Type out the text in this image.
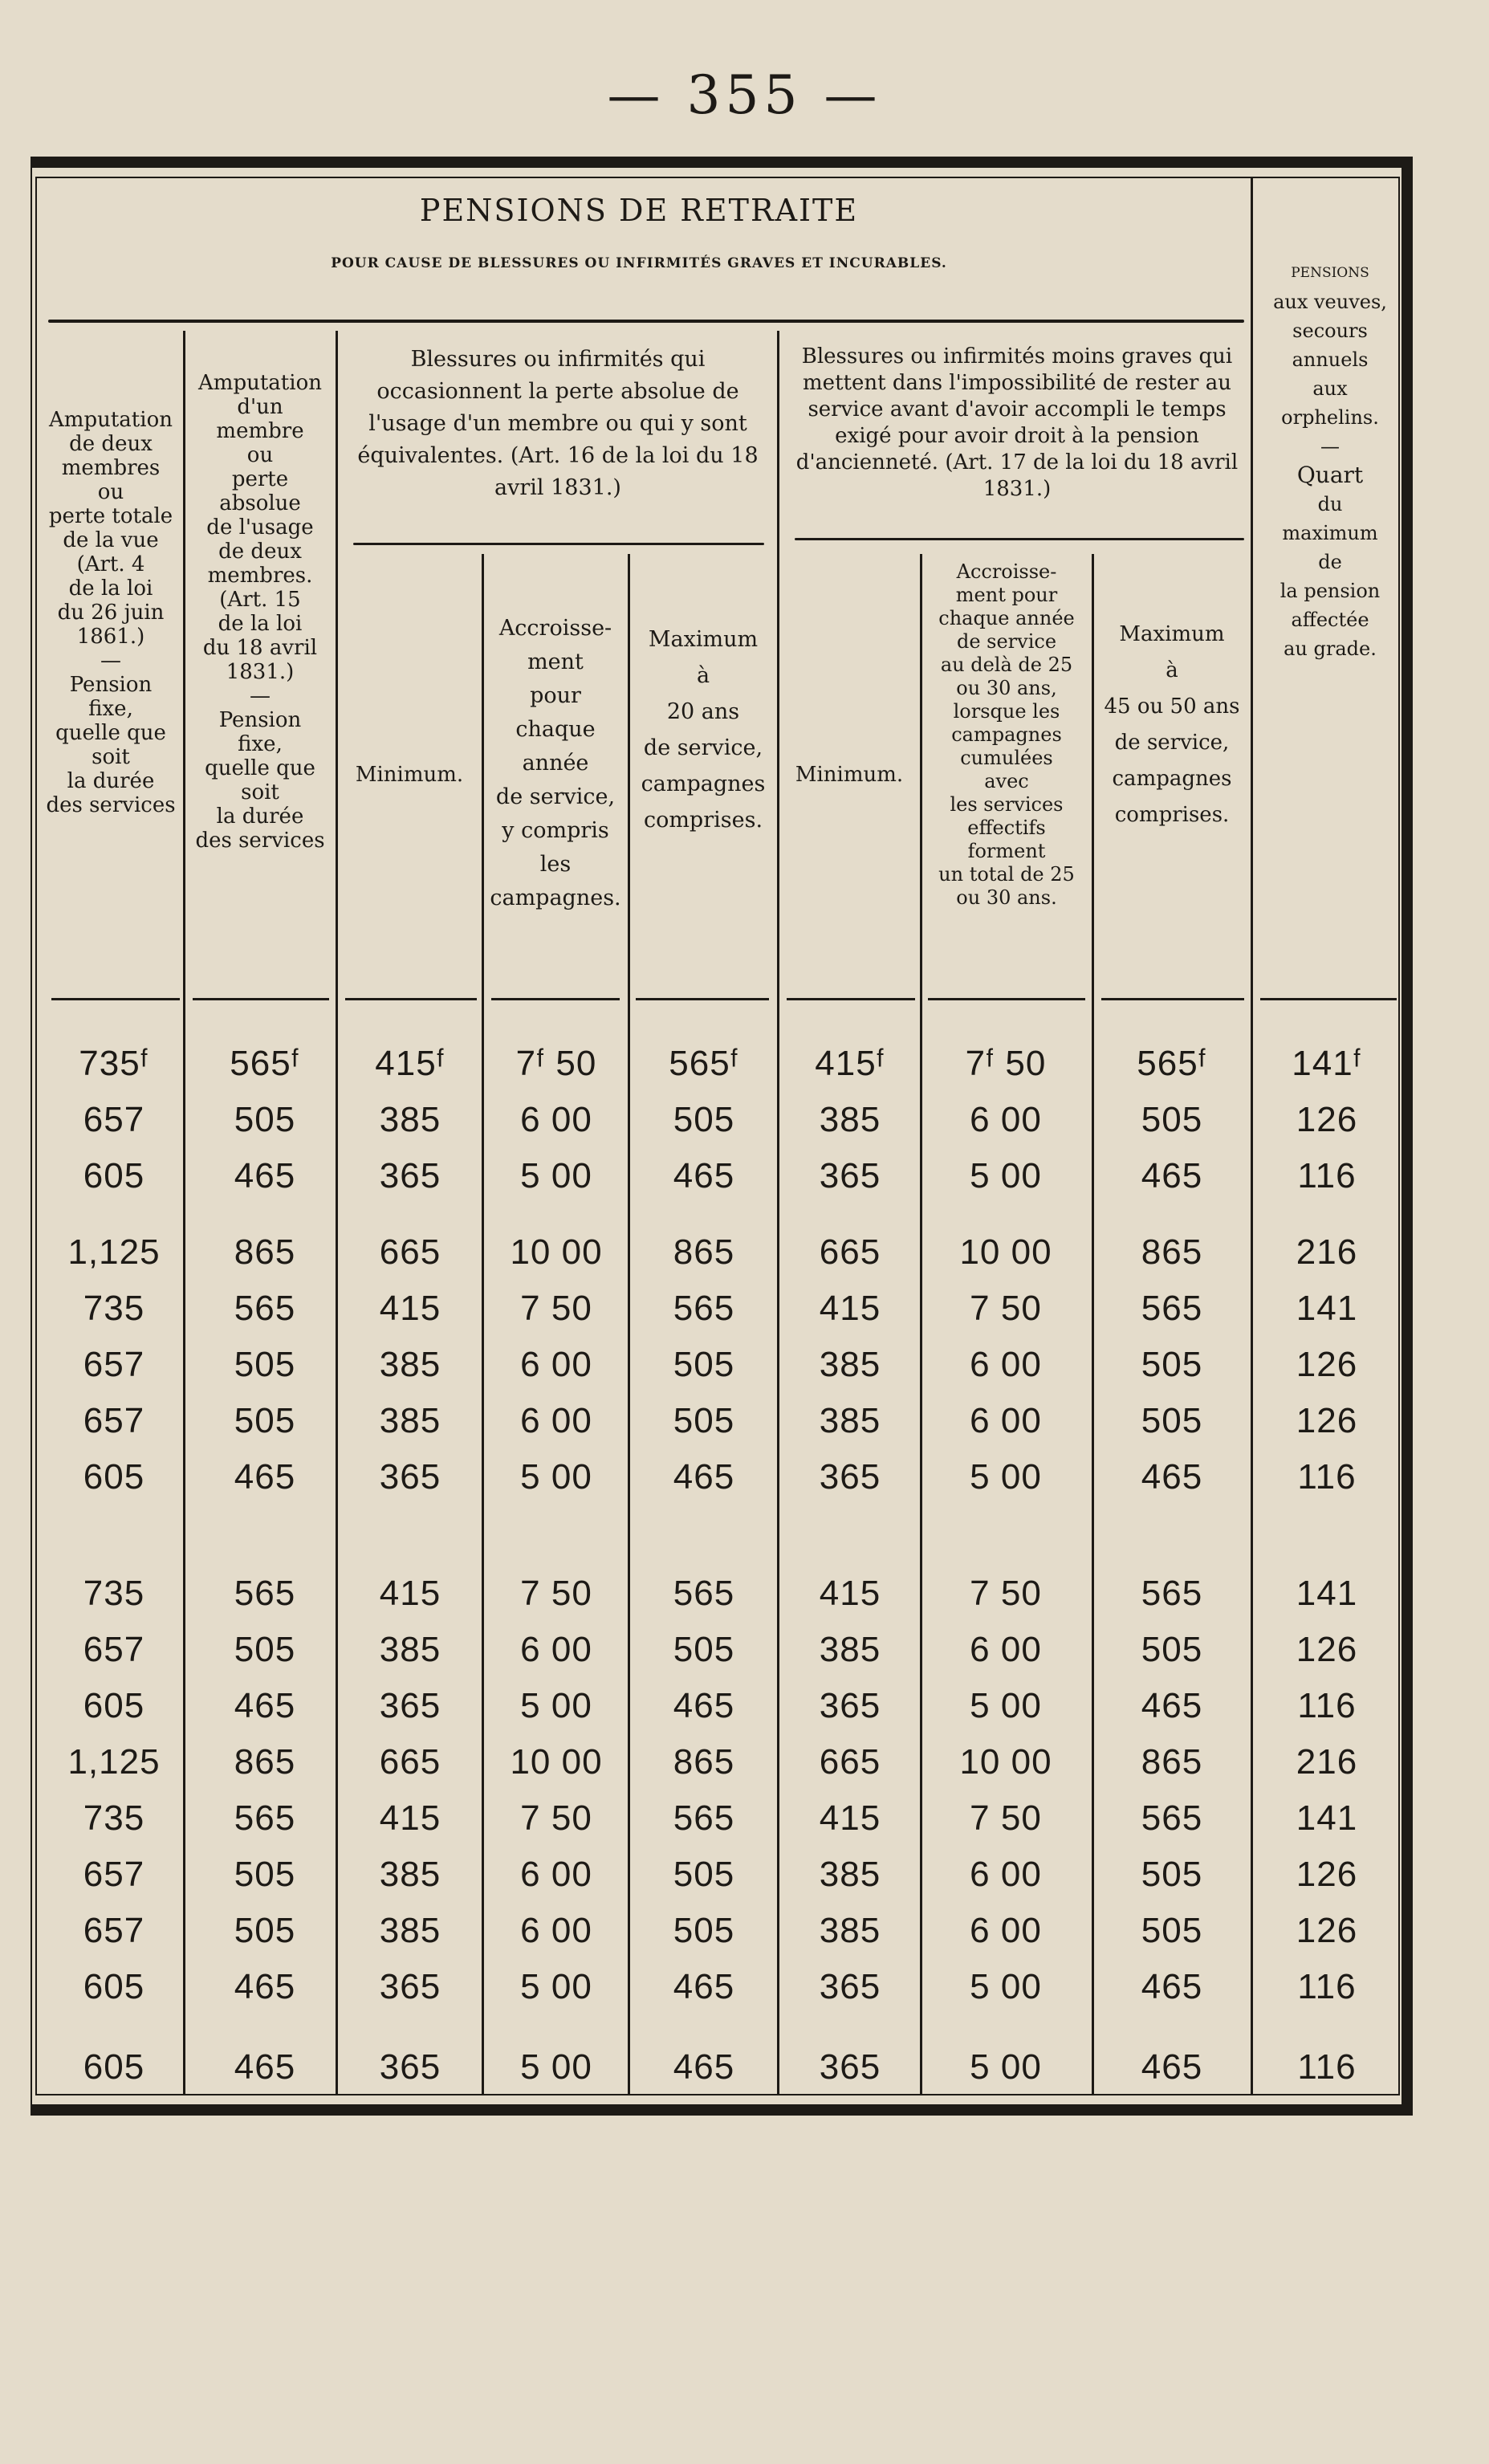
— 355 —
PENSIONS DE RETRAITE
POUR CAUSE DE BLESSURES OU INFIRMITÉS GRAVES ET INCURABLES.
Amputation
de deux
membres
ou
perte totale
de la vue
(Art. 4
de la loi
du 26 juin
1861.)
—
Pension
fixe,
quelle que
soit
la durée
des services
Amputation
d'un
membre
ou
perte
absolue
de l'usage
de deux
membres.
(Art. 15
de la loi
du 18 avril
1831.)
—
Pension
fixe,
quelle que
soit
la durée
des services
Blessures ou infirmités qui occasionnent la perte absolue de l'usage d'un membre ou qui y sont équivalentes. (Art. 16 de la loi du 18 avril 1831.)
Blessures ou infirmités moins graves qui mettent dans l'impossibilité de rester au service avant d'avoir accompli le temps exigé pour avoir droit à la pension d'ancienneté. (Art. 17 de la loi du 18 avril 1831.)
Minimum.
Accroisse-
ment
pour
chaque
année
de service,
y compris
les
campagnes.
Maximum
à
20 ans
de service,
campagnes
comprises.
Minimum.
Accroisse-
ment pour
chaque année
de service
au delà de 25
ou 30 ans,
lorsque les
campagnes
cumulées
avec
les services
effectifs
forment
un total de 25
ou 30 ans.
Maximum
à
45 ou 50 ans
de service,
campagnes
comprises.
PENSIONS
aux veuves,
secours
annuels
aux
orphelins.
—
Quart
du
maximum
de
la pension
affectée
au grade.
735ᶠ	565ᶠ	415ᶠ	7ᶠ 50	565ᶠ	415ᶠ	7ᶠ 50	565ᶠ	141ᶠ
657	505	385	6 00	505	385	6 00	505	126
605	465	365	5 00	465	365	5 00	465	116
1,125	865	665	10 00	865	665	10 00	865	216
735	565	415	7 50	565	415	7 50	565	141
657	505	385	6 00	505	385	6 00	505	126
657	505	385	6 00	505	385	6 00	505	126
605	465	365	5 00	465	365	5 00	465	116
735	565	415	7 50	565	415	7 50	565	141
657	505	385	6 00	505	385	6 00	505	126
605	465	365	5 00	465	365	5 00	465	116
1,125	865	665	10 00	865	665	10 00	865	216
735	565	415	7 50	565	415	7 50	565	141
657	505	385	6 00	505	385	6 00	505	126
657	505	385	6 00	505	385	6 00	505	126
605	465	365	5 00	465	365	5 00	465	116
605	465	365	5 00	465	365	5 00	465	116
